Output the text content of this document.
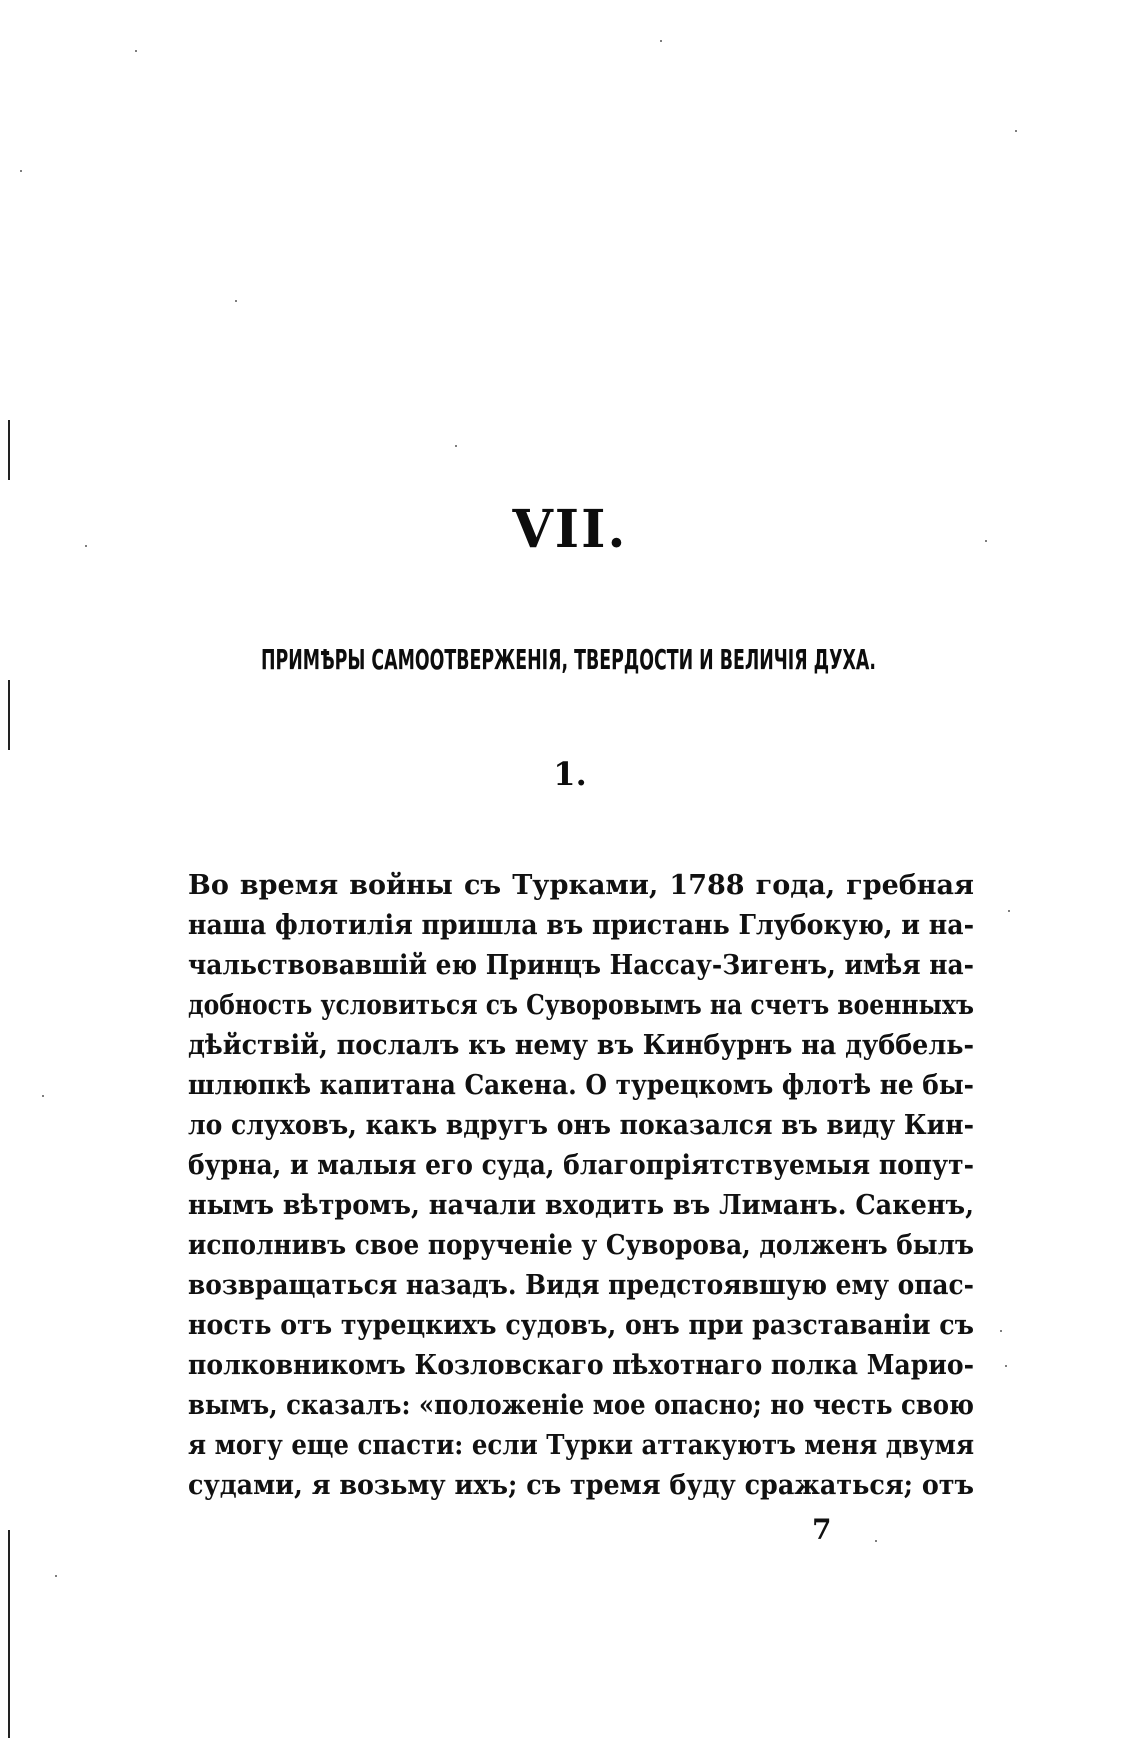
VII.
ПРИМѢРЫ САМООТВЕРЖЕНІЯ, ТВЕРДОСТИ И ВЕЛИЧІЯ ДУХА.
1.
Во время войны съ Турками, 1788 года, гребная
наша флотилія пришла въ пристань Глубокую, и на-
чальствовавшій ею Принцъ Нассау-Зигенъ, имѣя на-
добность условиться съ Суворовымъ на счетъ военныхъ
дѣйствій, послалъ къ нему въ Кинбурнъ на дуббель-
шлюпкѣ капитана Сакена. О турецкомъ флотѣ не бы-
ло слуховъ, какъ вдругъ онъ показался въ виду Кин-
бурна, и малыя его суда, благопріятствуемыя попут-
нымъ вѣтромъ, начали входить въ Лиманъ. Сакенъ,
исполнивъ свое порученіе у Суворова, долженъ былъ
возвращаться назадъ. Видя предстоявшую ему опас-
ность отъ турецкихъ судовъ, онъ при разставаніи съ
полковникомъ Козловскаго пѣхотнаго полка Марио-
вымъ, сказалъ: «положеніе мое опасно; но честь свою
я могу еще спасти: если Турки аттакуютъ меня двумя
судами, я возьму ихъ; съ тремя буду сражаться; отъ
7
